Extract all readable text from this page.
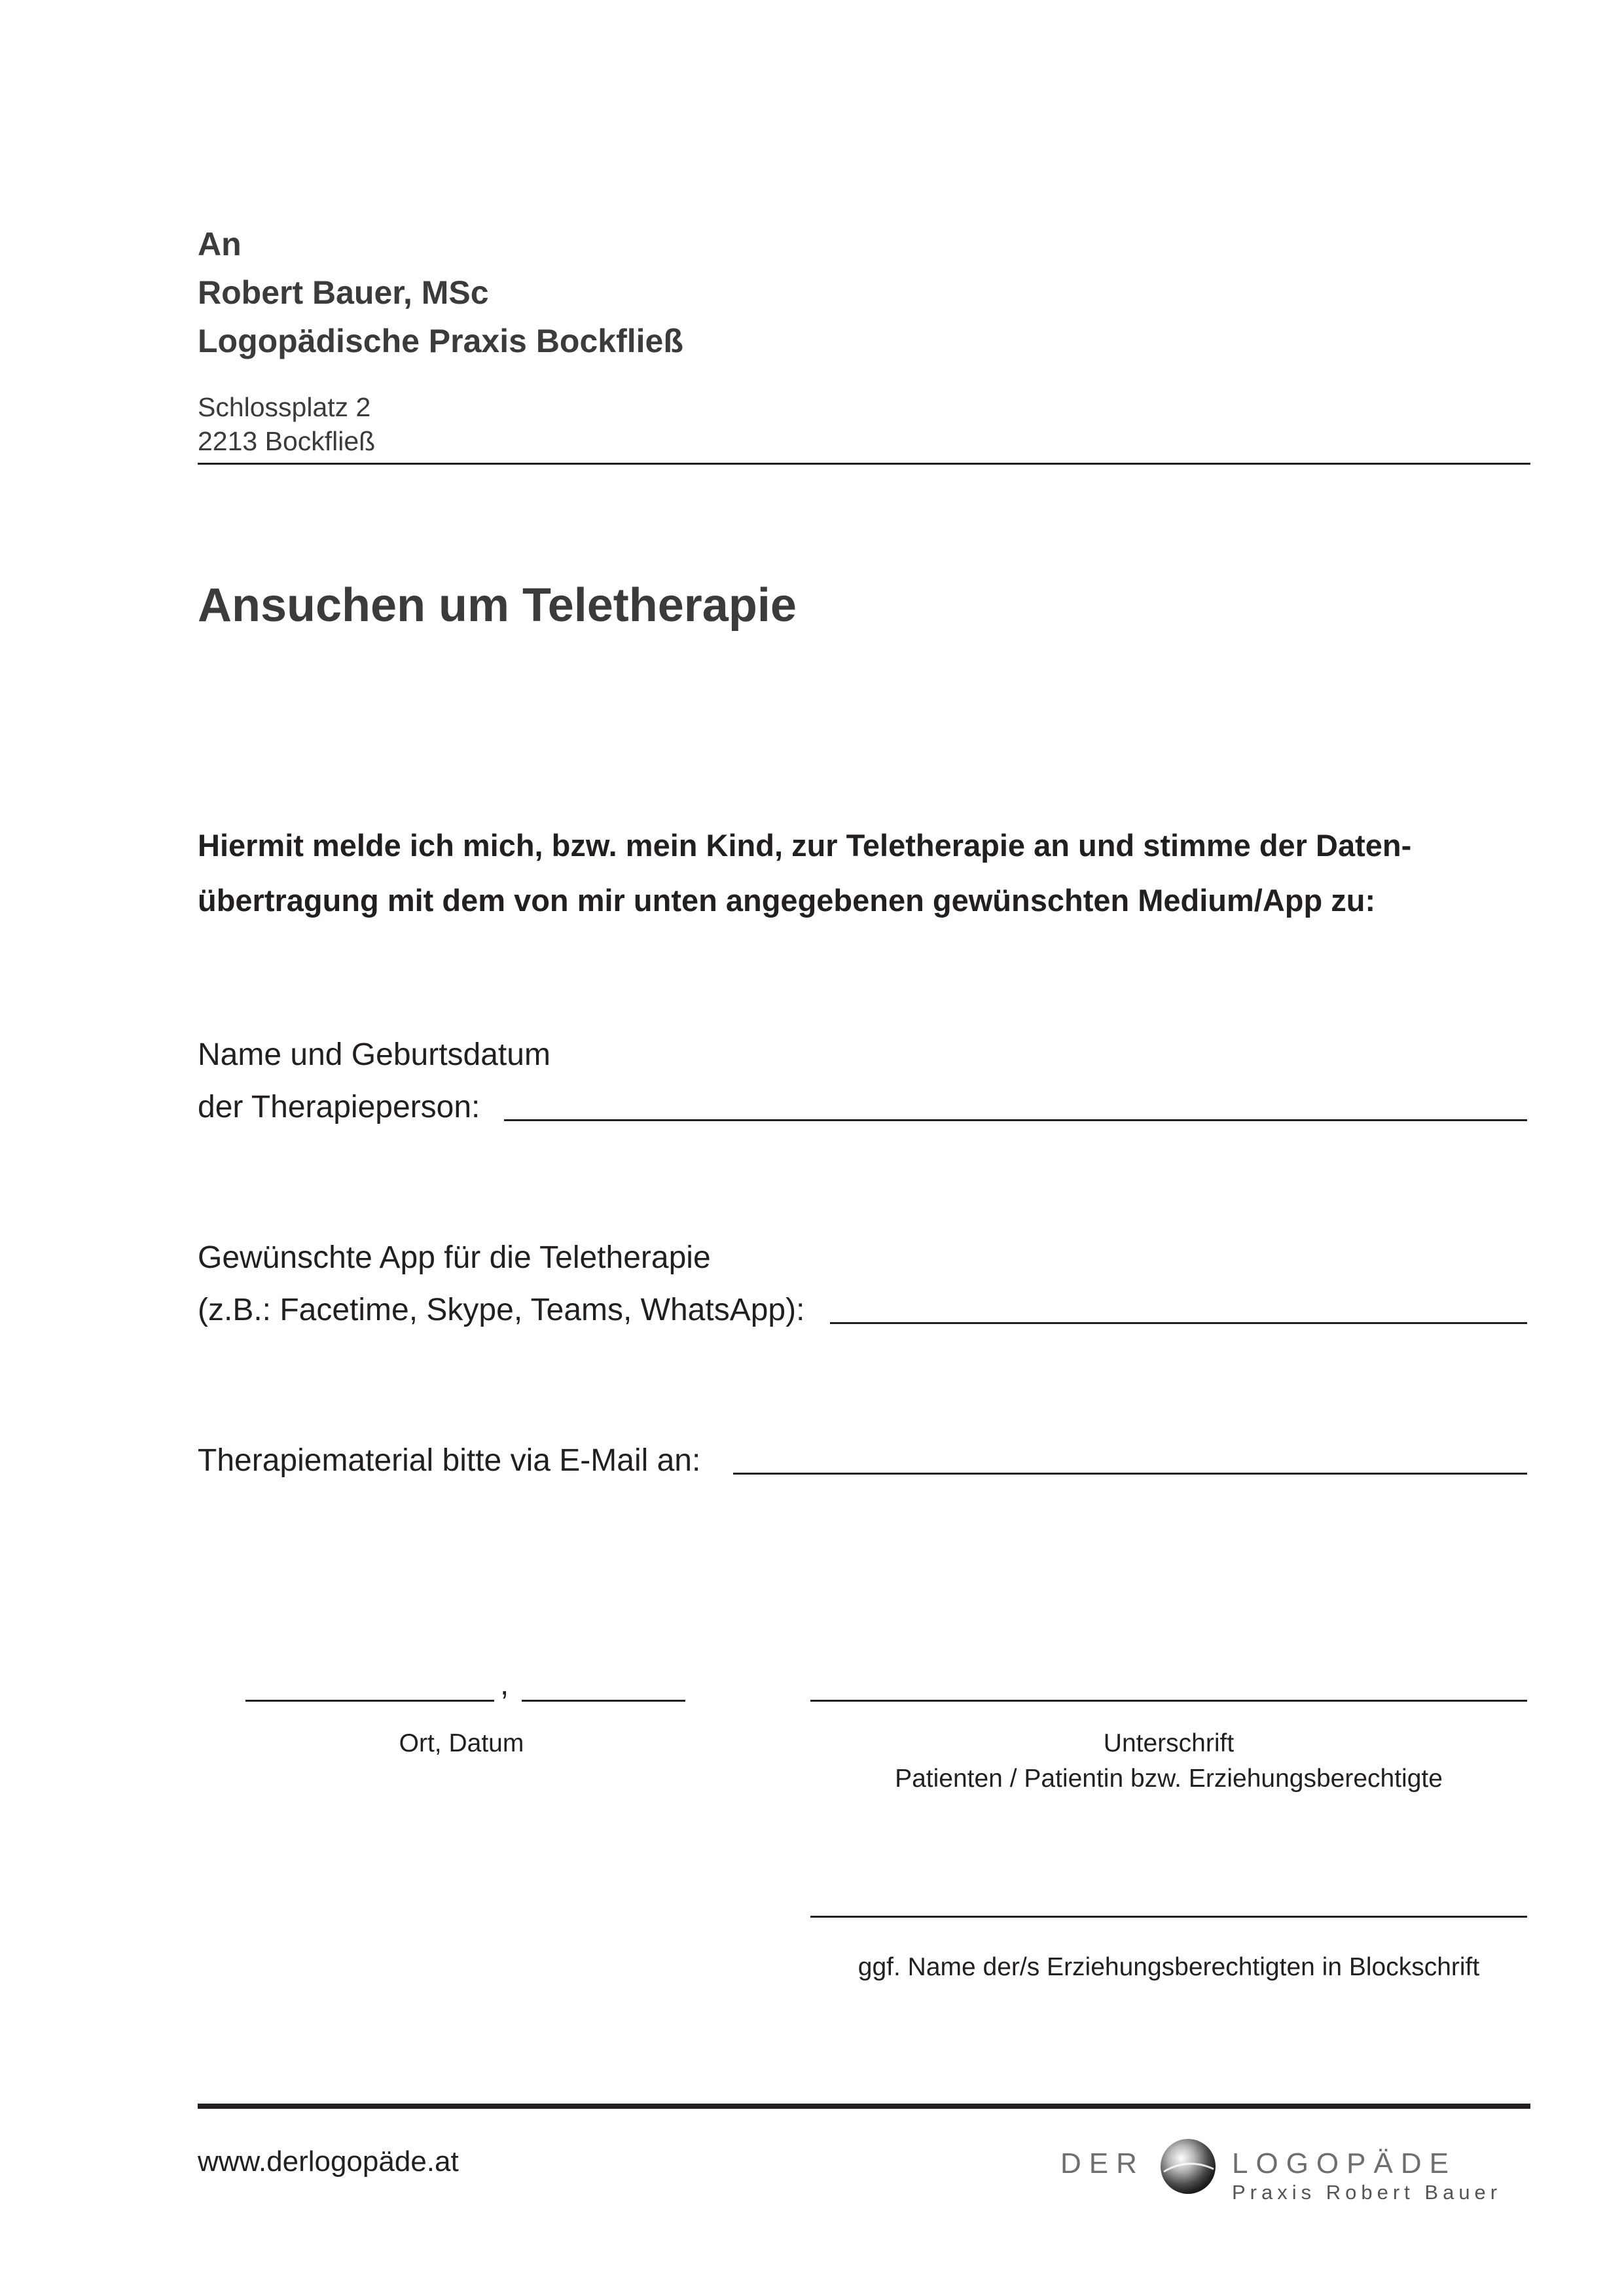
An
Robert Bauer, MSc
Logopädische Praxis Bockfließ
Schlossplatz 2
2213 Bockfließ
Ansuchen um Teletherapie
Hiermit melde ich mich, bzw. mein Kind, zur Teletherapie an und stimme der Daten-
übertragung mit dem von mir unten angegebenen gewünschten Medium/App zu:
Name und Geburtsdatum
der Therapieperson:
Gewünschte App für die Teletherapie
(z.B.: Facetime, Skype, Teams, WhatsApp):
Therapiematerial bitte via E-Mail an:
,
Ort, Datum	Unterschrift
Patienten / Patientin bzw. Erziehungsberechtigte
ggf. Name der/s Erziehungsberechtigten in Blockschrift
www.derlogopäde.at	DER	LOGOPÄDE
Praxis Robert Bauer
